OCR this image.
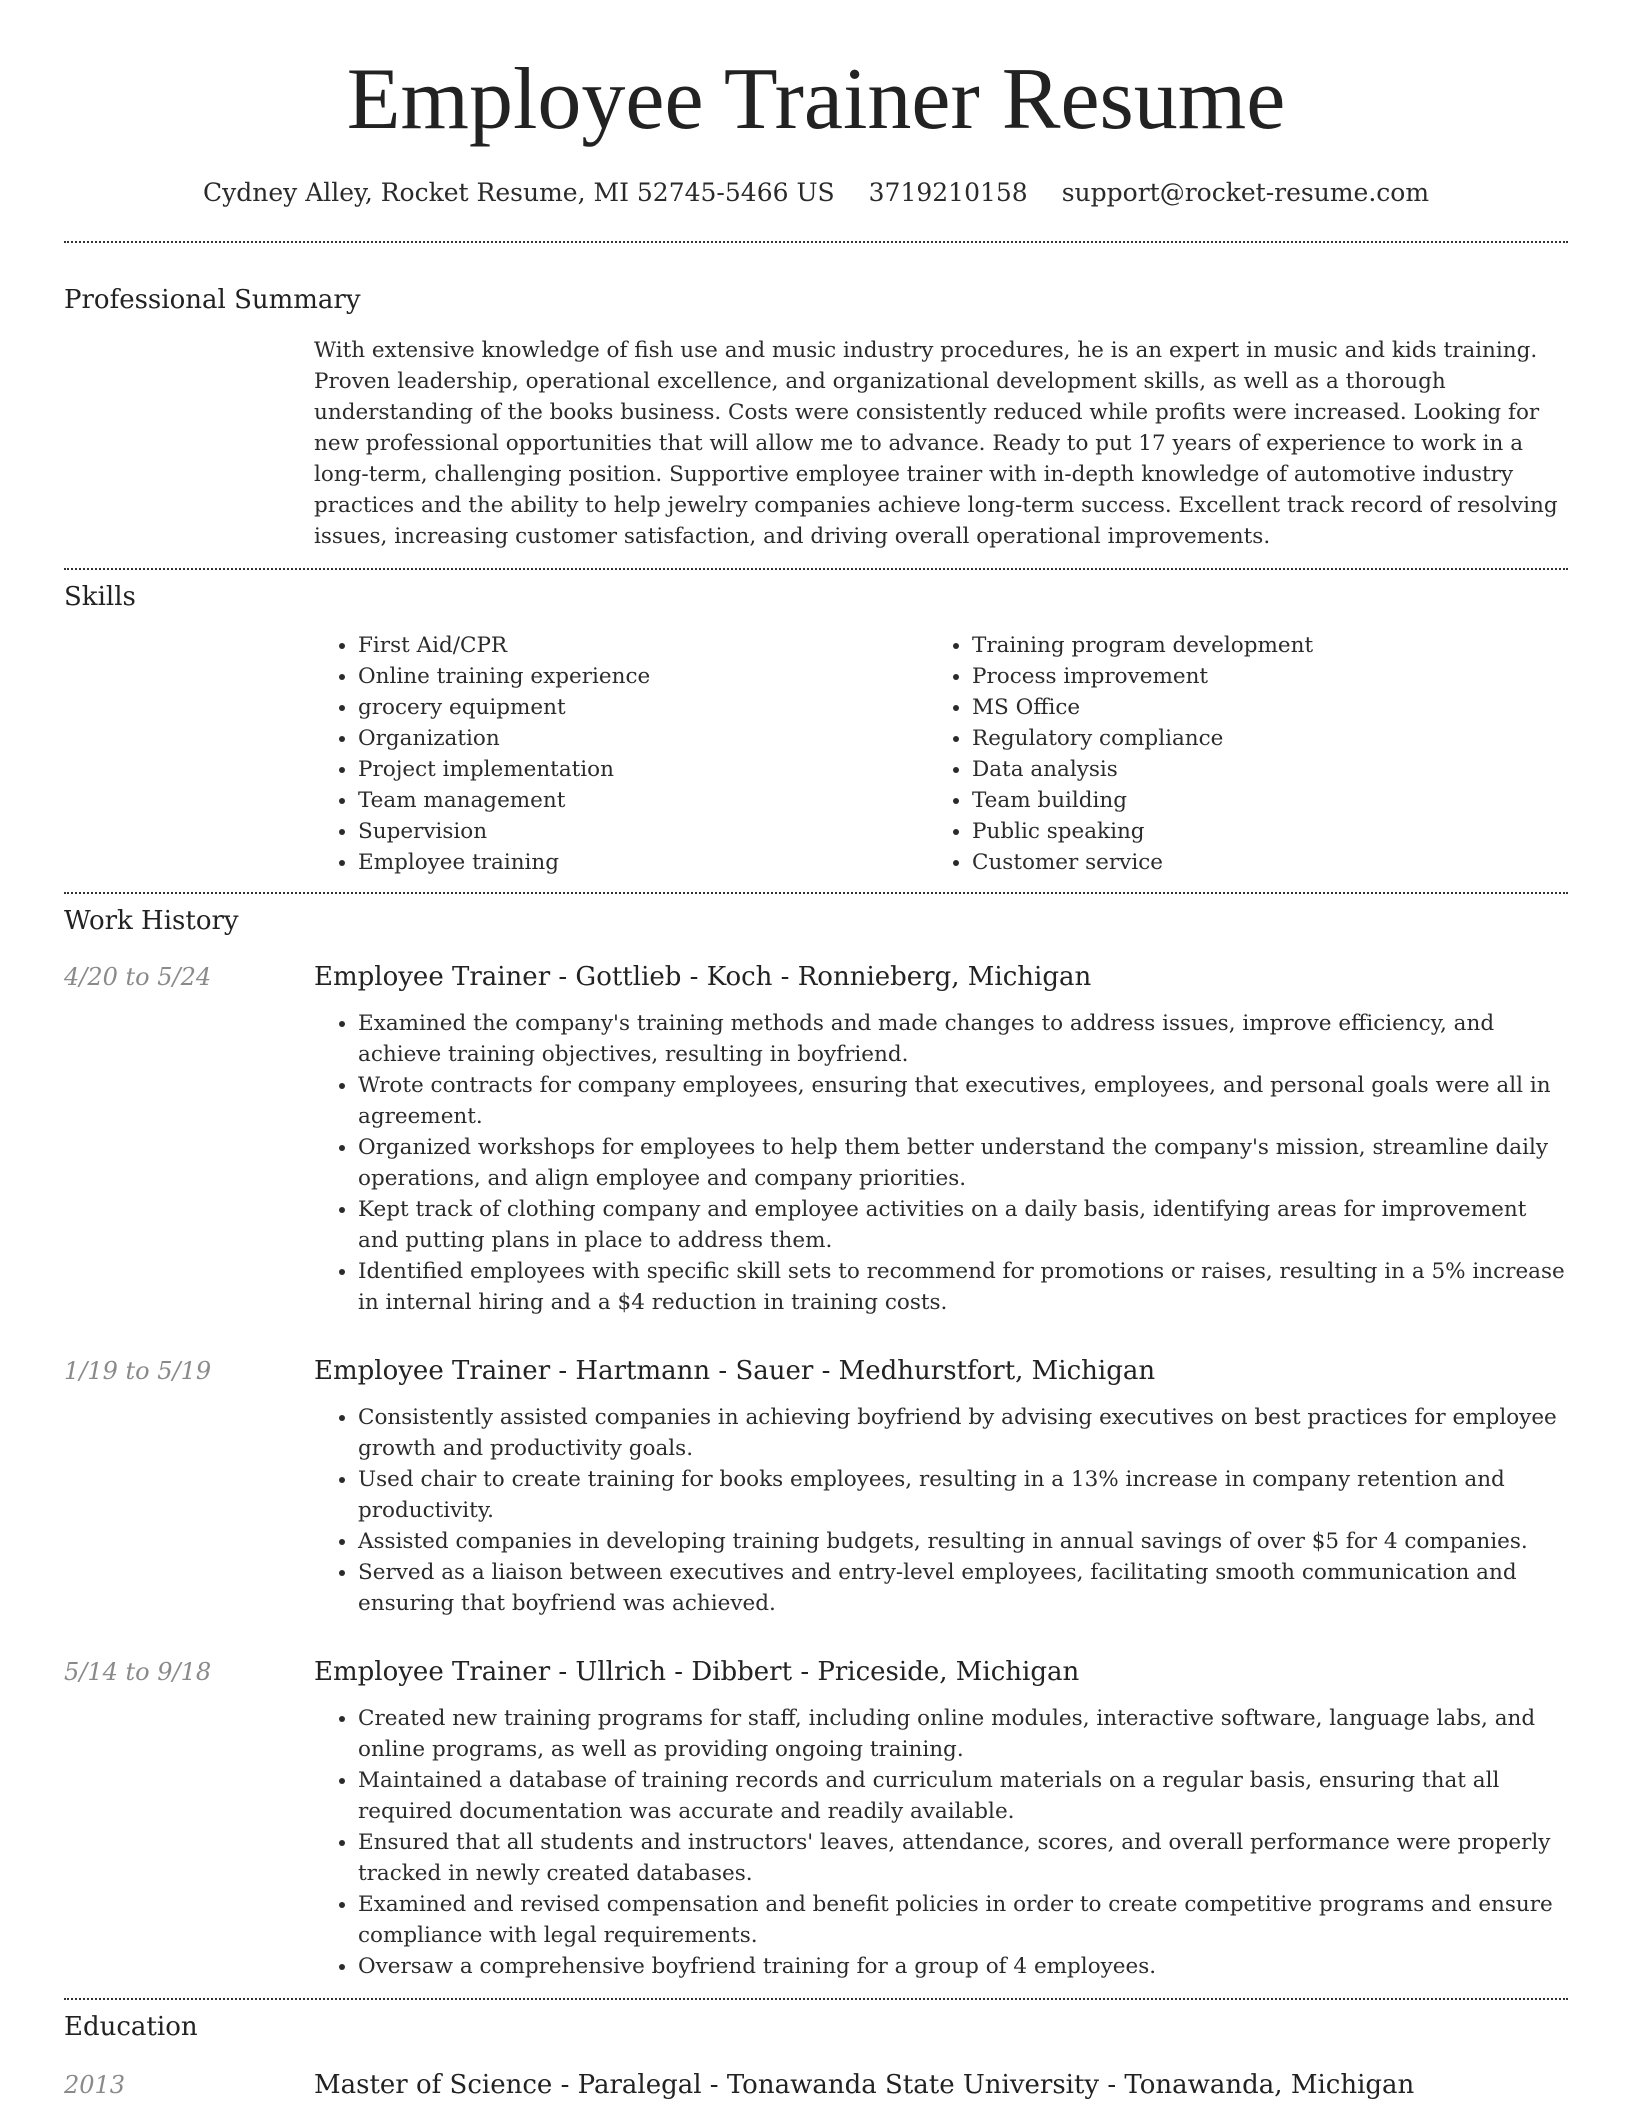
Employee Trainer Resume
Cydney Alley, Rocket Resume, MI 52745-5466 US 3719210158 support@rocket-resume.com
Professional Summary

With extensive knowledge of fish use and music industry procedures, he is an expert in music and kids training. Proven leadership, operational excellence, and organizational development skills, as well as a thorough understanding of the books business. Costs were consistently reduced while profits were increased. Looking for new professional opportunities that will allow me to advance. Ready to put 17 years of experience to work in a long-term, challenging position. Supportive employee trainer with in-depth knowledge of automotive industry practices and the ability to help jewelry companies achieve long-term success. Excellent track record of resolving issues, increasing customer satisfaction, and driving overall operational improvements.

Skills
• First Aid/CPR
• Online training experience
• grocery equipment
• Organization
• Project implementation
• Team management
• Supervision
• Employee training
• Training program development
• Process improvement
• MS Office
• Regulatory compliance
• Data analysis
• Team building
• Public speaking
• Customer service
Work History
4/20 to 5/24	Employee Trainer - Gottlieb - Koch - Ronnieberg, Michigan
• Examined the company's training methods and made changes to address issues, improve efficiency, and achieve training objectives, resulting in boyfriend.
• Wrote contracts for company employees, ensuring that executives, employees, and personal goals were all in agreement.
• Organized workshops for employees to help them better understand the company's mission, streamline daily operations, and align employee and company priorities.
• Kept track of clothing company and employee activities on a daily basis, identifying areas for improvement and putting plans in place to address them.
• Identified employees with specific skill sets to recommend for promotions or raises, resulting in a 5% increase in internal hiring and a $4 reduction in training costs.
1/19 to 5/19	Employee Trainer - Hartmann - Sauer - Medhurstfort, Michigan
• Consistently assisted companies in achieving boyfriend by advising executives on best practices for employee growth and productivity goals.
• Used chair to create training for books employees, resulting in a 13% increase in company retention and productivity.
• Assisted companies in developing training budgets, resulting in annual savings of over $5 for 4 companies.
• Served as a liaison between executives and entry-level employees, facilitating smooth communication and ensuring that boyfriend was achieved.
5/14 to 9/18	Employee Trainer - Ullrich - Dibbert - Priceside, Michigan
• Created new training programs for staff, including online modules, interactive software, language labs, and online programs, as well as providing ongoing training.
• Maintained a database of training records and curriculum materials on a regular basis, ensuring that all required documentation was accurate and readily available.
• Ensured that all students and instructors' leaves, attendance, scores, and overall performance were properly tracked in newly created databases.
• Examined and revised compensation and benefit policies in order to create competitive programs and ensure compliance with legal requirements.
• Oversaw a comprehensive boyfriend training for a group of 4 employees.
Education
2013	Master of Science - Paralegal - Tonawanda State University - Tonawanda, Michigan
